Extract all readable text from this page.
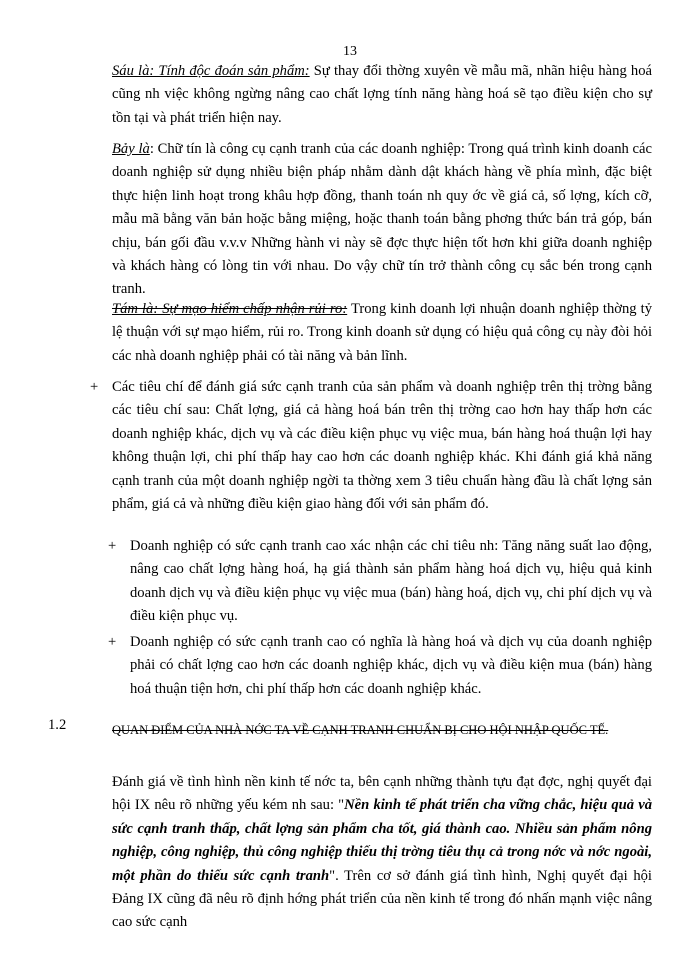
13

Sáu là: Tính độc đoán sản phẩm: Sự thay đổi thờng xuyên về mẫu mã, nhãn hiệu hàng hoá cũng nh việc không ngừng nâng cao chất lợng tính năng hàng hoá sẽ tạo điều kiện cho sự tồn tại và phát triển hiện nay.

Bảy là: Chữ tín là công cụ cạnh tranh của các doanh nghiệp: Trong quá trình kinh doanh các doanh nghiệp sử dụng nhiều biện pháp nhằm dành dật khách hàng về phía mình, đặc biệt thực hiện linh hoạt trong khâu hợp đồng, thanh toán nh quy ớc về giá cả, số lợng, kích cỡ, mẫu mã bằng văn bản hoặc bằng miệng, hoặc thanh toán bằng phơng thức bán trả góp, bán chịu, bán gối đầu v.v.v Những hành vi này sẽ đợc thực hiện tốt hơn khi giữa doanh nghiệp và khách hàng có lòng tin với nhau. Do vậy chữ tín trở thành công cụ sắc bén trong cạnh tranh.

Tám là: Sự mạo hiểm chấp nhận rủi ro: Trong kinh doanh lợi nhuận doanh nghiệp thờng tỷ lệ thuận với sự mạo hiểm, rủi ro. Trong kinh doanh sử dụng có hiệu quả công cụ này đòi hỏi các nhà doanh nghiệp phải có tài năng và bản lĩnh.

+ Các tiêu chí để đánh giá sức cạnh tranh của sản phẩm và doanh nghiệp trên thị trờng bằng các tiêu chí sau: Chất lợng, giá cả hàng hoá bán trên thị trờng cao hơn hay thấp hơn các doanh nghiệp khác, dịch vụ và các điều kiện phục vụ việc mua, bán hàng hoá thuận lợi hay không thuận lợi, chi phí thấp hay cao hơn các doanh nghiệp khác. Khi đánh giá khả năng cạnh tranh của một doanh nghiệp ngời ta thờng xem 3 tiêu chuẩn hàng đầu là chất lợng sản phẩm, giá cả và những điều kiện giao hàng đối với sản phẩm đó.

+ Doanh nghiệp có sức cạnh tranh cao xác nhận các chỉ tiêu nh: Tăng năng suất lao động, nâng cao chất lợng hàng hoá, hạ giá thành sản phẩm hàng hoá dịch vụ, hiệu quả kinh doanh dịch vụ và điều kiện phục vụ việc mua (bán) hàng hoá, dịch vụ, chi phí dịch vụ và điều kiện phục vụ.

+ Doanh nghiệp có sức cạnh tranh cao có nghĩa là hàng hoá và dịch vụ của doanh nghiệp phải có chất lợng cao hơn các doanh nghiệp khác, dịch vụ và điều kiện mua (bán) hàng hoá thuận tiện hơn, chi phí thấp hơn các doanh nghiệp khác.

1.2	QUAN ĐIỂM CỦA NHÀ NỚC TA VỀ CẠNH TRANH CHUẨN BỊ CHO HỘI NHẬP QUỐC TẾ.

Đánh giá về tình hình nền kinh tế nớc ta, bên cạnh những thành tựu đạt đợc, nghị quyết đại hội IX nêu rõ những yếu kém nh sau: "Nền kinh tế phát triển cha vững chắc, hiệu quả và sức cạnh tranh thấp, chất lợng sản phẩm cha tốt, giá thành cao. Nhiều sản phẩm nông nghiệp, công nghiệp, thủ công nghiệp thiếu thị trờng tiêu thụ cả trong nớc và nớc ngoài, một phần do thiếu sức cạnh tranh". Trên cơ sở đánh giá tình hình, Nghị quyết đại hội Đảng IX cũng đã nêu rõ định hớng phát triển của nền kinh tế trong đó nhấn mạnh việc nâng cao sức cạnh
